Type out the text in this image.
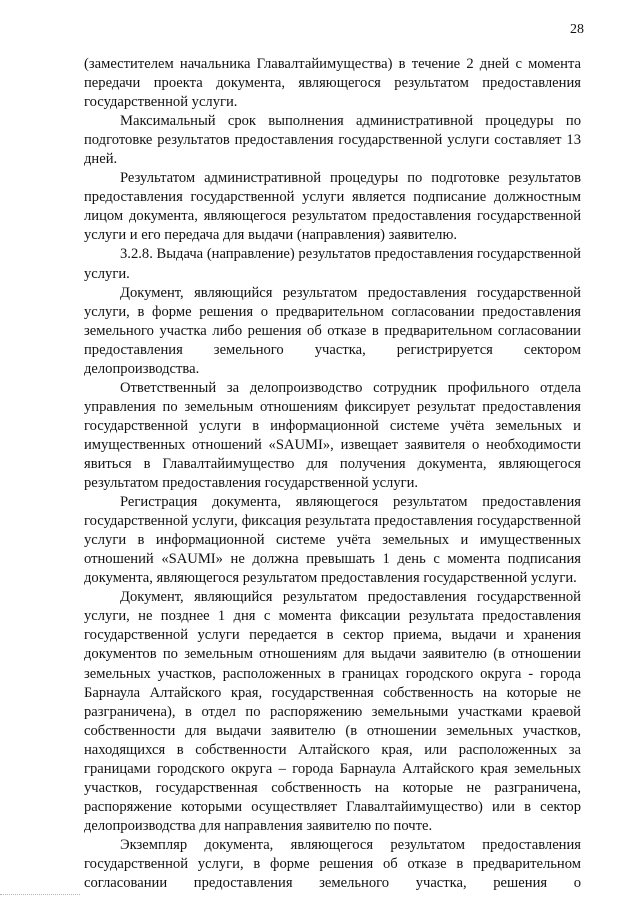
28

(заместителем начальника Главалтайимущества) в течение 2 дней с момента передачи проекта документа, являющегося результатом предоставления государственной услуги.

Максимальный срок выполнения административной процедуры по подготовке результатов предоставления государственной услуги составляет 13 дней.

Результатом административной процедуры по подготовке результатов предоставления государственной услуги является подписание должностным лицом документа, являющегося результатом предоставления государственной услуги и его передача для выдачи (направления) заявителю.

3.2.8. Выдача (направление) результатов предоставления государственной услуги.

Документ, являющийся результатом предоставления государственной услуги, в форме решения о предварительном согласовании предоставления земельного участка либо решения об отказе в предварительном согласовании предоставления земельного участка, регистрируется сектором делопроизводства.

Ответственный за делопроизводство сотрудник профильного отдела управления по земельным отношениям фиксирует результат предоставления государственной услуги в информационной системе учёта земельных и имущественных отношений «SAUMI», извещает заявителя о необходимости явиться в Главалтайимущество для получения документа, являющегося результатом предоставления государственной услуги.

Регистрация документа, являющегося результатом предоставления государственной услуги, фиксация результата предоставления государственной услуги в информационной системе учёта земельных и имущественных отношений «SAUMI» не должна превышать 1 день с момента подписания документа, являющегося результатом предоставления государственной услуги.

Документ, являющийся результатом предоставления государственной услуги, не позднее 1 дня с момента фиксации результата предоставления государственной услуги передается в сектор приема, выдачи и хранения документов по земельным отношениям для выдачи заявителю (в отношении земельных участков, расположенных в границах городского округа - города Барнаула Алтайского края, государственная собственность на которые не разграничена), в отдел по распоряжению земельными участками краевой собственности для выдачи заявителю (в отношении земельных участков, находящихся в собственности Алтайского края, или расположенных за границами городского округа – города Барнаула Алтайского края земельных участков, государственная собственность на которые не разграничена, распоряжение которыми осуществляет Главалтайимущество) или в сектор делопроизводства для направления заявителю по почте.

Экземпляр документа, являющегося результатом предоставления государственной услуги, в форме решения об отказе в предварительном согласовании предоставления земельного участка, решения о
